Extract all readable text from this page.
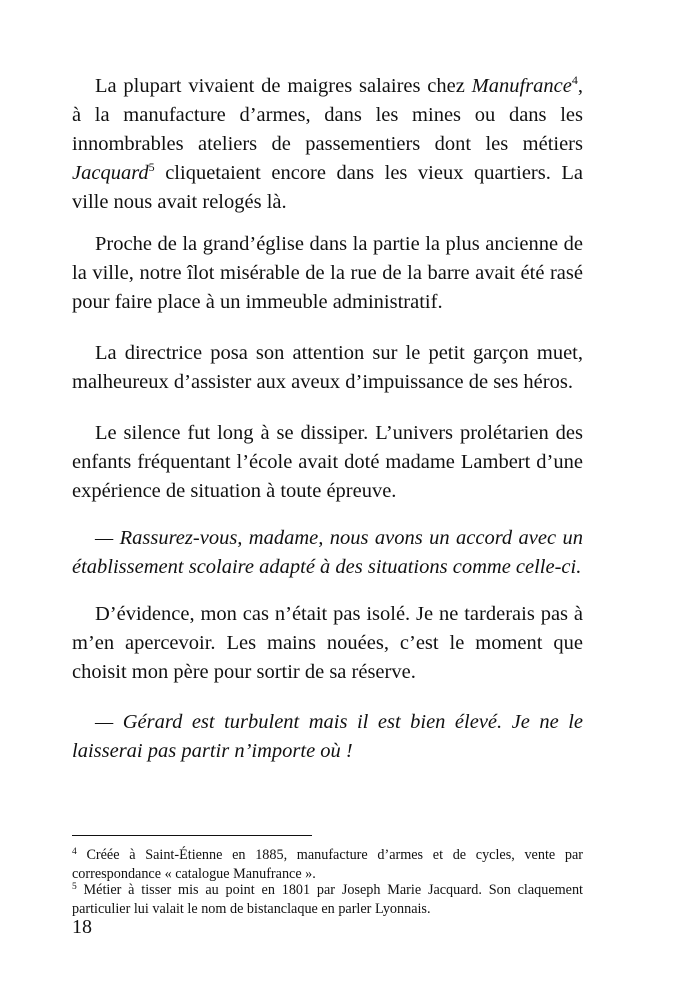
La plupart vivaient de maigres salaires chez Manufrance$^4$, à la manufacture d’armes, dans les mines ou dans les innombrables ateliers de passementiers dont les métiers Jacquard$^5$ cliquetaient encore dans les vieux quartiers. La ville nous avait relogés là.

Proche de la grand’église dans la partie la plus ancienne de la ville, notre îlot misérable de la rue de la barre avait été rasé pour faire place à un immeuble administratif.

La directrice posa son attention sur le petit garçon muet, malheureux d’assister aux aveux d’impuissance de ses héros.

Le silence fut long à se dissiper. L’univers prolétarien des enfants fréquentant l’école avait doté madame Lambert d’une expérience de situation à toute épreuve.

— Rassurez-vous, madame, nous avons un accord avec un établissement scolaire adapté à des situations comme celle-ci.

D’évidence, mon cas n’était pas isolé. Je ne tarderais pas à m’en apercevoir. Les mains nouées, c’est le moment que choisit mon père pour sortir de sa réserve.

— Gérard est turbulent mais il est bien élevé. Je ne le laisserai pas partir n’importe où !

$^4$ Créée à Saint-Étienne en 1885, manufacture d’armes et de cycles, vente par correspondance « catalogue Manufrance ».

$^5$ Métier à tisser mis au point en 1801 par Joseph Marie Jacquard. Son claquement particulier lui valait le nom de bistanclaque en parler Lyonnais.

18
